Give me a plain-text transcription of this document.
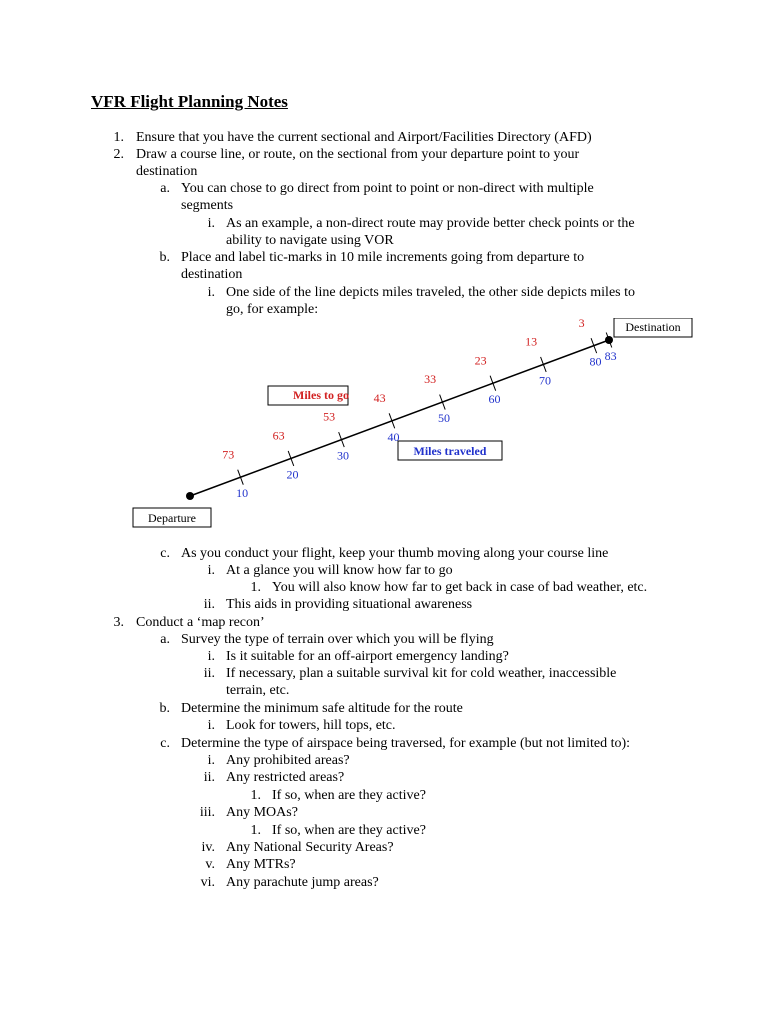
VFR Flight Planning Notes
1. Ensure that you have the current sectional and Airport/Facilities Directory (AFD)
2. Draw a course line, or route, on the sectional from your departure point to your
destination
a. You can chose to go direct from point to point or non-direct with multiple
segments
i. As an example, a non-direct route may provide better check points or the
ability to navigate using VOR
b. Place and label tic-marks in 10 mile increments going from departure to
destination
i. One side of the line depicts miles traveled, the other side depicts miles to
go, for example:
Departure
Destination
Miles to go
Miles traveled
73
63
53
43
33
23
13
3
10
20
30
40
50
60
70
80 83
c. As you conduct your flight, keep your thumb moving along your course line
i. At a glance you will know how far to go
1. You will also know how far to get back in case of bad weather, etc.
ii. This aids in providing situational awareness
3. Conduct a ‘map recon’
a. Survey the type of terrain over which you will be flying
i. Is it suitable for an off-airport emergency landing?
ii. If necessary, plan a suitable survival kit for cold weather, inaccessible
terrain, etc.
b. Determine the minimum safe altitude for the route
i. Look for towers, hill tops, etc.
c. Determine the type of airspace being traversed, for example (but not limited to):
i. Any prohibited areas?
ii. Any restricted areas?
1. If so, when are they active?
iii. Any MOAs?
1. If so, when are they active?
iv. Any National Security Areas?
v. Any MTRs?
vi. Any parachute jump areas?
